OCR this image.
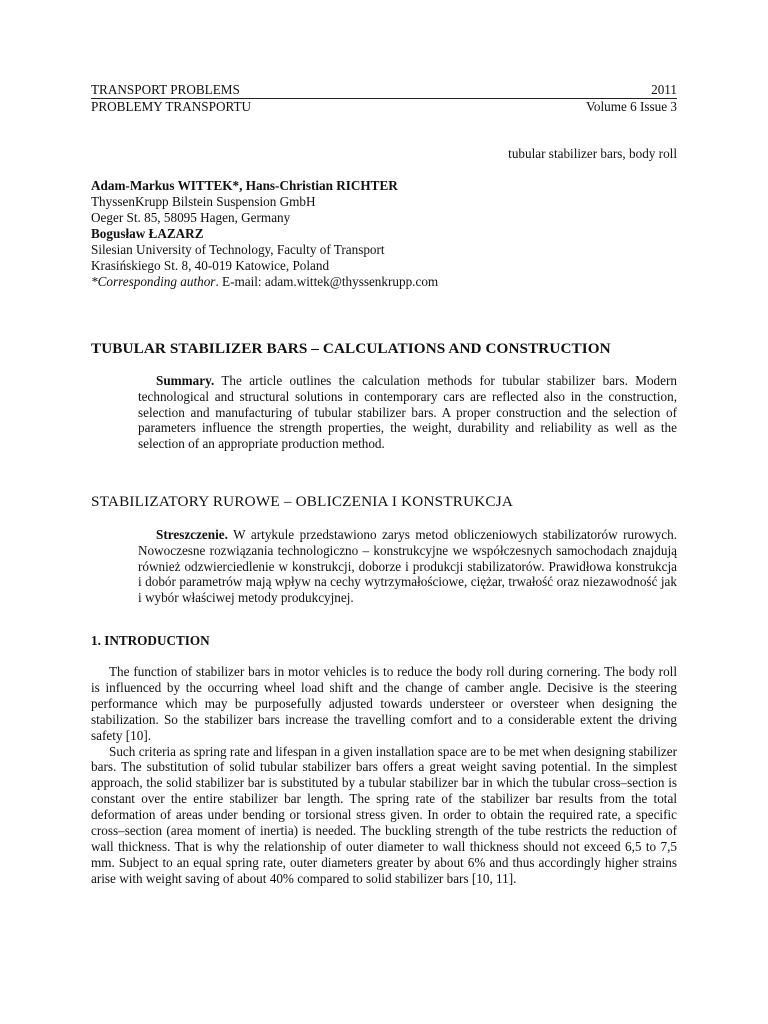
TRANSPORT PROBLEMS	2011
PROBLEMY TRANSPORTU	Volume 6 Issue 3
tubular stabilizer bars, body roll
Adam-Markus WITTEK*, Hans-Christian RICHTER
ThyssenKrupp Bilstein Suspension GmbH
Oeger St. 85, 58095 Hagen, Germany
Bogusław ŁAZARZ
Silesian University of Technology, Faculty of Transport
Krasińskiego St. 8, 40-019 Katowice, Poland
*Corresponding author. E-mail: adam.wittek@thyssenkrupp.com
TUBULAR STABILIZER BARS – CALCULATIONS AND CONSTRUCTION
Summary. The article outlines the calculation methods for tubular stabilizer bars. Modern technological and structural solutions in contemporary cars are reflected also in the construction, selection and manufacturing of tubular stabilizer bars. A proper construction and the selection of parameters influence the strength properties, the weight, durability and reliability as well as the selection of an appropriate production method.
STABILIZATORY RUROWE – OBLICZENIA I KONSTRUKCJA
Streszczenie. W artykule przedstawiono zarys metod obliczeniowych stabilizatorów rurowych. Nowoczesne rozwiązania technologiczno – konstrukcyjne we współczesnych samochodach znajdują również odzwierciedlenie w konstrukcji, doborze i produkcji stabilizatorów. Prawidłowa konstrukcja i dobór parametrów mają wpływ na cechy wytrzymałościowe, ciężar, trwałość oraz niezawodność jak i wybór właściwej metody produkcyjnej.
1. INTRODUCTION
The function of stabilizer bars in motor vehicles is to reduce the body roll during cornering. The body roll is influenced by the occurring wheel load shift and the change of camber angle. Decisive is the steering performance which may be purposefully adjusted towards understeer or oversteer when designing the stabilization. So the stabilizer bars increase the travelling comfort and to a considerable extent the driving safety [10].
Such criteria as spring rate and lifespan in a given installation space are to be met when designing stabilizer bars. The substitution of solid tubular stabilizer bars offers a great weight saving potential. In the simplest approach, the solid stabilizer bar is substituted by a tubular stabilizer bar in which the tubular cross–section is constant over the entire stabilizer bar length. The spring rate of the stabilizer bar results from the total deformation of areas under bending or torsional stress given. In order to obtain the required rate, a specific cross–section (area moment of inertia) is needed. The buckling strength of the tube restricts the reduction of wall thickness. That is why the relationship of outer diameter to wall thickness should not exceed 6,5 to 7,5 mm. Subject to an equal spring rate, outer diameters greater by about 6% and thus accordingly higher strains arise with weight saving of about 40% compared to solid stabilizer bars [10, 11].
